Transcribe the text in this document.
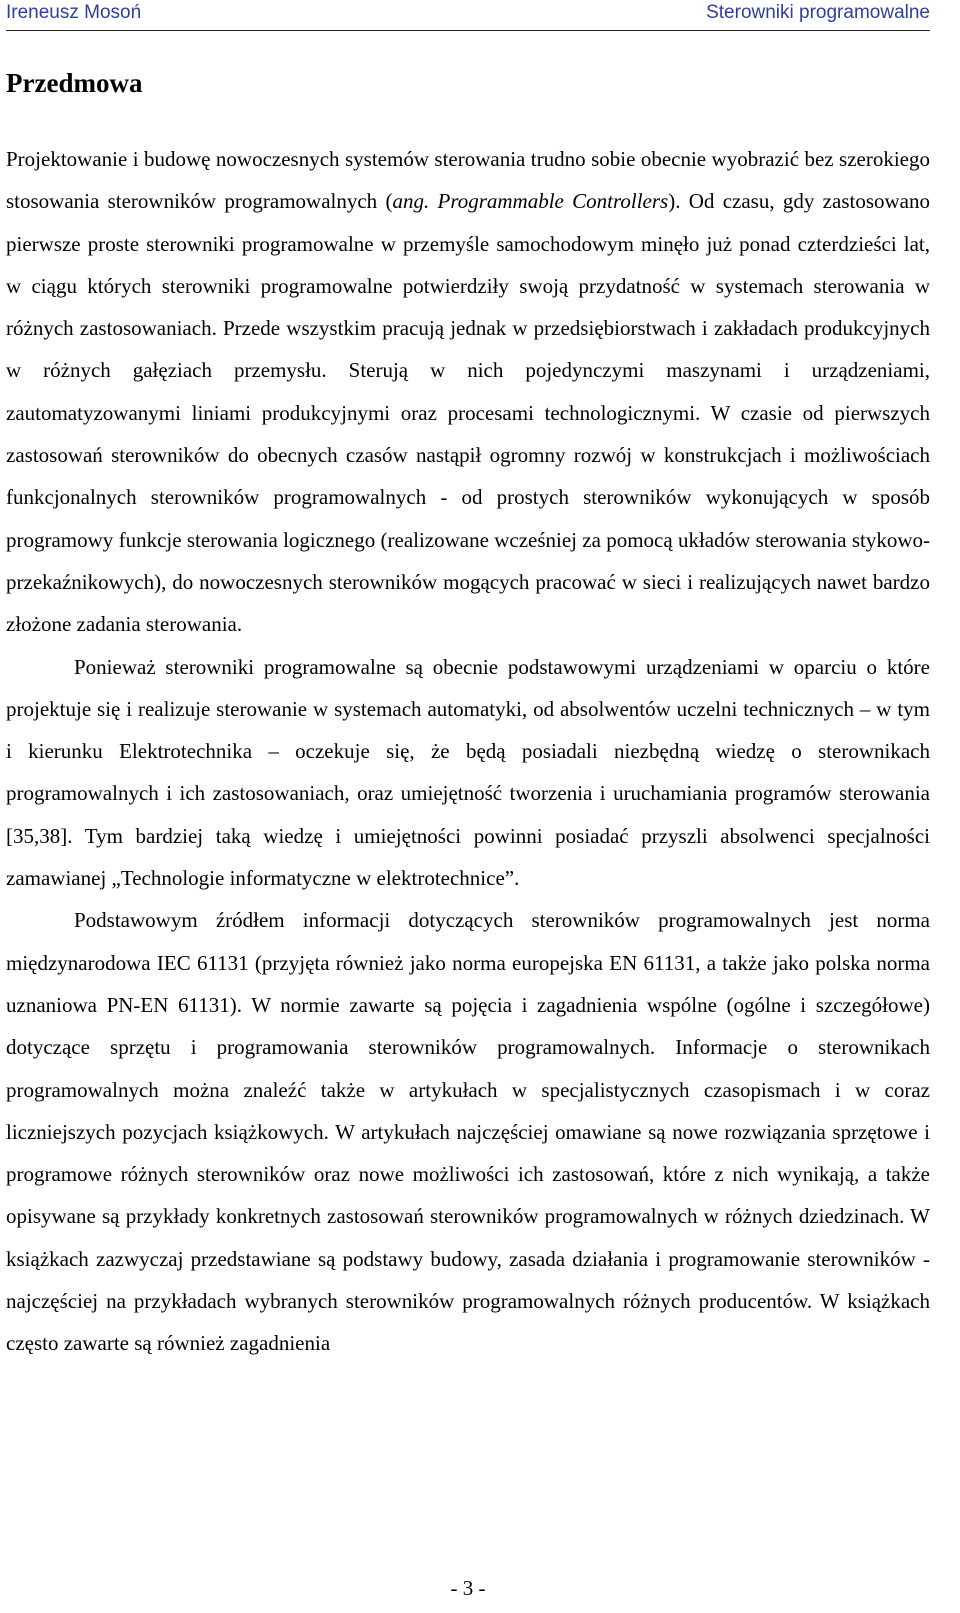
Ireneusz Mosoń	Sterowniki programowalne
Przedmowa

Projektowanie i budowę nowoczesnych systemów sterowania trudno sobie obecnie wyobrazić bez szerokiego stosowania sterowników programowalnych (ang. Programmable Controllers). Od czasu, gdy zastosowano pierwsze proste sterowniki programowalne w przemyśle samochodowym minęło już ponad czterdzieści lat, w ciągu których sterowniki programowalne potwierdziły swoją przydatność w systemach sterowania w różnych zastosowaniach. Przede wszystkim pracują jednak w przedsiębiorstwach i zakładach produkcyjnych w różnych gałęziach przemysłu. Sterują w nich pojedynczymi maszynami i urządzeniami, zautomatyzowanymi liniami produkcyjnymi oraz procesami technologicznymi. W czasie od pierwszych zastosowań sterowników do obecnych czasów nastąpił ogromny rozwój w konstrukcjach i możliwościach funkcjonalnych sterowników programowalnych - od prostych sterowników wykonujących w sposób programowy funkcje sterowania logicznego (realizowane wcześniej za pomocą układów sterowania stykowo-przekaźnikowych), do nowoczesnych sterowników mogących pracować w sieci i realizujących nawet bardzo złożone zadania sterowania.

Ponieważ sterowniki programowalne są obecnie podstawowymi urządzeniami w oparciu o które projektuje się i realizuje sterowanie w systemach automatyki, od absolwentów uczelni technicznych – w tym i kierunku Elektrotechnika – oczekuje się, że będą posiadali niezbędną wiedzę o sterownikach programowalnych i ich zastosowaniach, oraz umiejętność tworzenia i uruchamiania programów sterowania [35,38]. Tym bardziej taką wiedzę i umiejętności powinni posiadać przyszli absolwenci specjalności zamawianej „Technologie informatyczne w elektrotechnice”.

Podstawowym źródłem informacji dotyczących sterowników programowalnych jest norma międzynarodowa IEC 61131 (przyjęta również jako norma europejska EN 61131, a także jako polska norma uznaniowa PN-EN 61131). W normie zawarte są pojęcia i zagadnienia wspólne (ogólne i szczegółowe) dotyczące sprzętu i programowania sterowników programowalnych. Informacje o sterownikach programowalnych można znaleźć także w artykułach w specjalistycznych czasopismach i w coraz liczniejszych pozycjach książkowych. W artykułach najczęściej omawiane są nowe rozwiązania sprzętowe i programowe różnych sterowników oraz nowe możliwości ich zastosowań, które z nich wynikają, a także opisywane są przykłady konkretnych zastosowań sterowników programowalnych w różnych dziedzinach. W książkach zazwyczaj przedstawiane są podstawy budowy, zasada działania i programowanie sterowników - najczęściej na przykładach wybranych sterowników programowalnych różnych producentów. W książkach często zawarte są również zagadnienia

- 3 -
